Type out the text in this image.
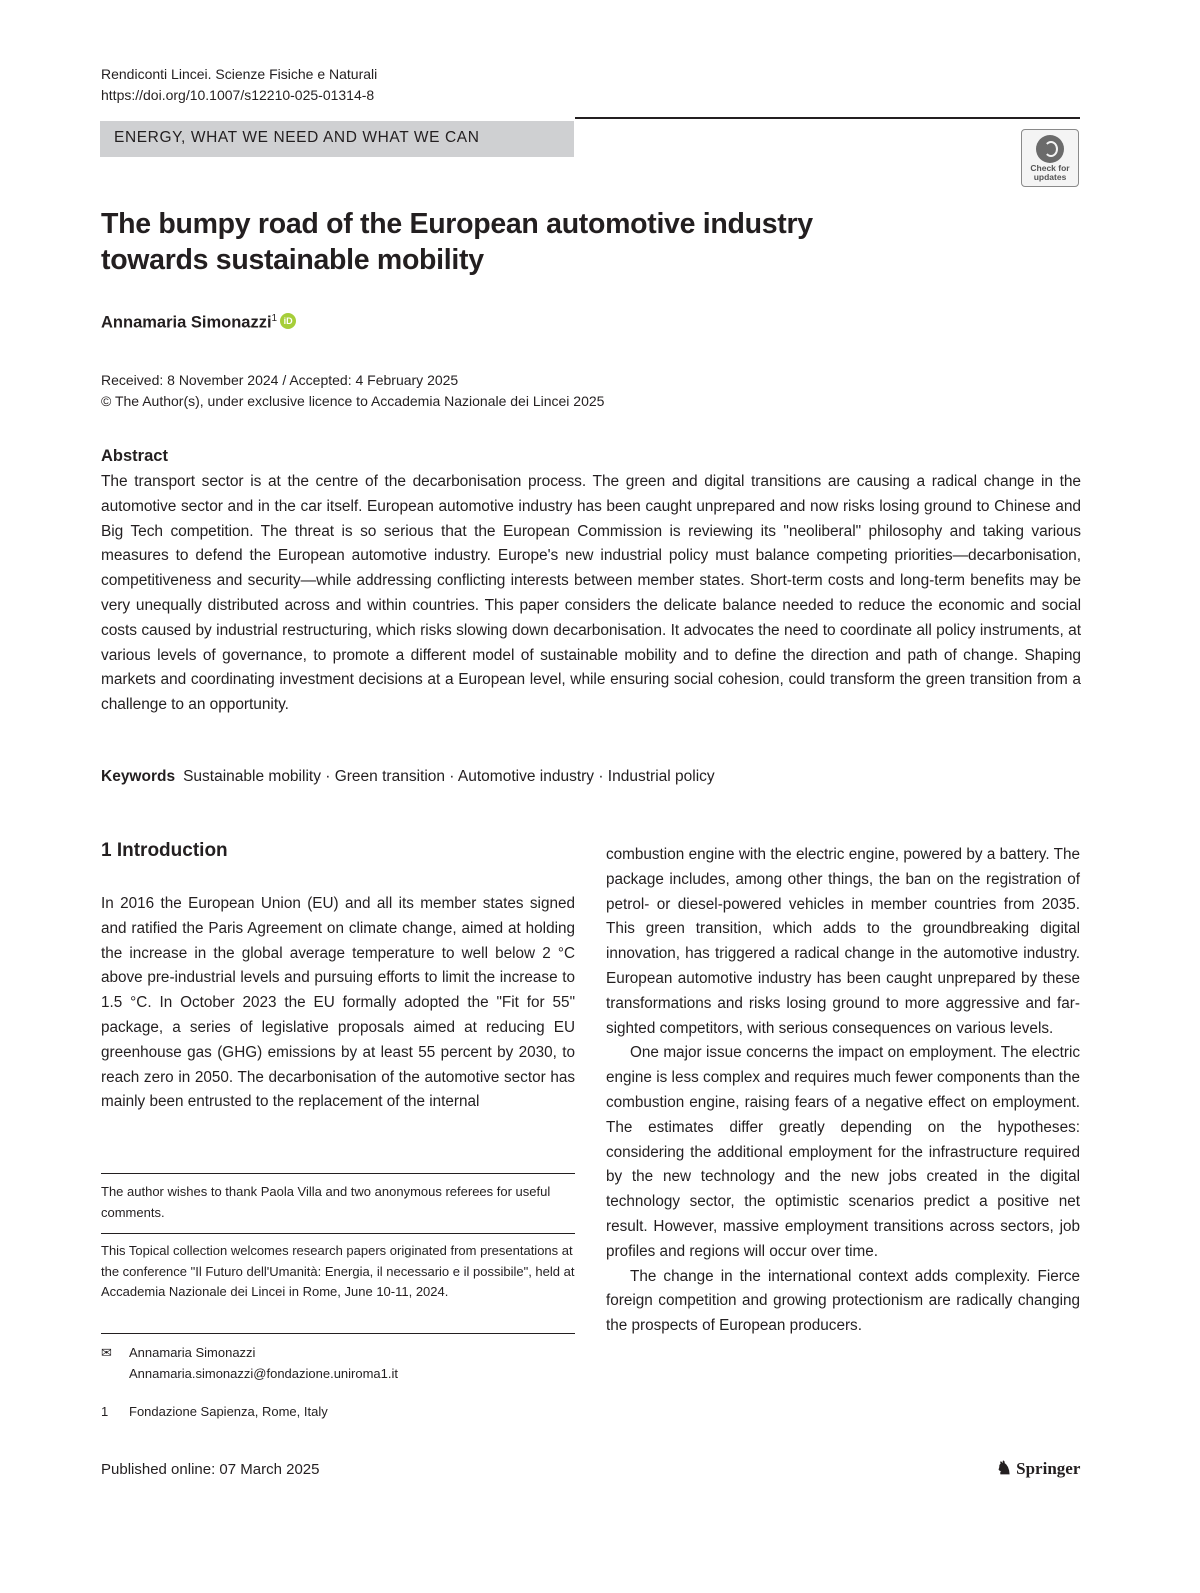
Rendiconti Lincei. Scienze Fisiche e Naturali
https://doi.org/10.1007/s12210-025-01314-8
ENERGY, WHAT WE NEED AND WHAT WE CAN
Check for updates
The bumpy road of the European automotive industry
towards sustainable mobility
Annamaria Simonazzi$^1$ iD
Received: 8 November 2024 / Accepted: 4 February 2025
© The Author(s), under exclusive licence to Accademia Nazionale dei Lincei 2025
Abstract
The transport sector is at the centre of the decarbonisation process. The green and digital transitions are causing a radical change in the automotive sector and in the car itself. European automotive industry has been caught unprepared and now risks losing ground to Chinese and Big Tech competition. The threat is so serious that the European Commission is reviewing its "neoliberal" philosophy and taking various measures to defend the European automotive industry. Europe's new industrial policy must balance competing priorities—decarbonisation, competitiveness and security—while addressing conflicting interests between member states. Short-term costs and long-term benefits may be very unequally distributed across and within countries. This paper considers the delicate balance needed to reduce the economic and social costs caused by industrial restructuring, which risks slowing down decarbonisation. It advocates the need to coordinate all policy instruments, at various levels of governance, to promote a different model of sustainable mobility and to define the direction and path of change. Shaping markets and coordinating investment decisions at a European level, while ensuring social cohesion, could transform the green transition from a challenge to an opportunity.
Keywords Sustainable mobility · Green transition · Automotive industry · Industrial policy
1 Introduction
In 2016 the European Union (EU) and all its member states signed and ratified the Paris Agreement on climate change, aimed at holding the increase in the global average temperature to well below 2 °C above pre-industrial levels and pursuing efforts to limit the increase to 1.5 °C. In October 2023 the EU formally adopted the "Fit for 55" package, a series of legislative proposals aimed at reducing EU greenhouse gas (GHG) emissions by at least 55 percent by 2030, to reach zero in 2050. The decarbonisation of the automotive sector has mainly been entrusted to the replacement of the internal

combustion engine with the electric engine, powered by a battery. The package includes, among other things, the ban on the registration of petrol- or diesel-powered vehicles in member countries from 2035. This green transition, which adds to the groundbreaking digital innovation, has triggered a radical change in the automotive industry. European automotive industry has been caught unprepared by these transformations and risks losing ground to more aggressive and far-sighted competitors, with serious consequences on various levels.

One major issue concerns the impact on employment. The electric engine is less complex and requires much fewer components than the combustion engine, raising fears of a negative effect on employment. The estimates differ greatly depending on the hypotheses: considering the additional employment for the infrastructure required by the new technology and the new jobs created in the digital technology sector, the optimistic scenarios predict a positive net result. However, massive employment transitions across sectors, job profiles and regions will occur over time.

The change in the international context adds complexity. Fierce foreign competition and growing protectionism are radically changing the prospects of European producers.

The author wishes to thank Paola Villa and two anonymous referees for useful comments.
This Topical collection welcomes research papers originated from presentations at the conference "Il Futuro dell'Umanità: Energia, il necessario e il possibile", held at Accademia Nazionale dei Lincei in Rome, June 10-11, 2024.
✉ Annamaria Simonazzi
Annamaria.simonazzi@fondazione.uniroma1.it
1 Fondazione Sapienza, Rome, Italy
Published online: 07 March 2025	♞ Springer
